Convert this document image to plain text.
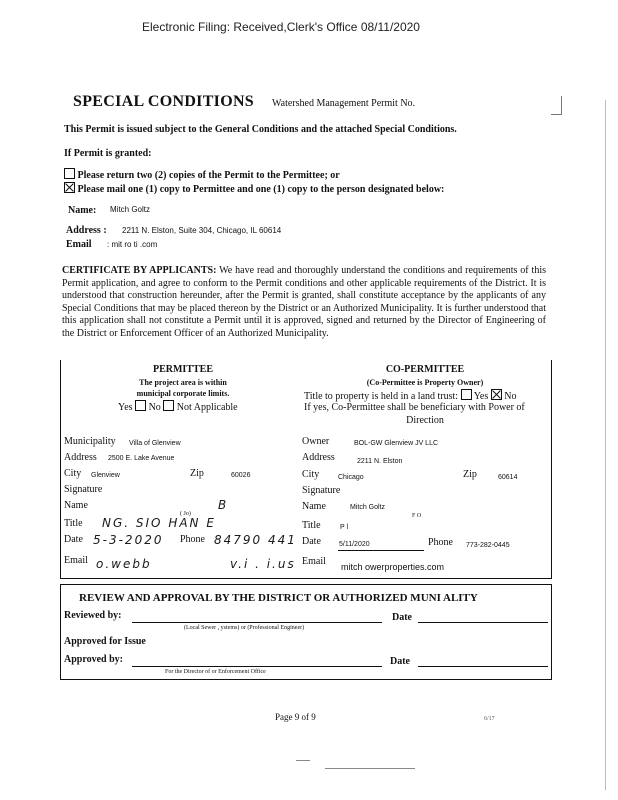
Electronic Filing: Received,Clerk's Office 08/11/2020
SPECIAL CONDITIONS Watershed Management Permit No.
This Permit is issued subject to the General Conditions and the attached Special Conditions.
If Permit is granted:
Please return two (2) copies of the Permit to the Permittee; or
Please mail one (1) copy to Permittee and one (1) copy to the person designated below:
Name: Mitch Goltz
Address : 2211 N. Elston, Suite 304, Chicago, IL 60614
Email : mit ro ti .com
CERTIFICATE BY APPLICANTS: We have read and thoroughly understand the conditions and requirements of this Permit application, and agree to conform to the Permit conditions and other applicable requirements of the District. It is understood that construction hereunder, after the Permit is granted, shall constitute acceptance by the applicants of any Special Conditions that may be placed thereon by the District or an Authorized Municipality. It is further understood that this application shall not constitute a Permit until it is approved, signed and returned by the Director of Engineering of the District or Enforcement Officer of an Authorized Municipality.
PERMITTEE
The project area is within
municipal corporate limits.
Yes No Not Applicable
CO-PERMITTEE
(Co-Permittee is Property Owner)
Title to property is held in a land trust: Yes No
If yes, Co-Permittee shall be beneficiary with Power of
Direction
Municipality Villa of Glenview
Address 2500 E. Lake Avenue
City Glenview	Zip	60026
Signature
Name
( Jo)
B
Title NG. SIO HAN E
Date 5-3-2020 Phone 84790 441
Email o.webb	v.i . i.us
Owner	BOL-GW Glenview JV LLC
Address	2211 N. Elston
City	Chicago	Zip	60614
Signature
Name	Mitch Goltz
F O
Title	P l
Date	5/11/2020	Phone 773-282-0445
Email mitch owerproperties.com
REVIEW AND APPROVAL BY THE DISTRICT OR AUTHORIZED MUNI ALITY
Reviewed by:
(Local Sewer , ystems) or (Professional Engineer)
Date
Approved for Issue
Approved by:
For the Director of or Enforcement Office
Date
Page 9 of 9	6/17
